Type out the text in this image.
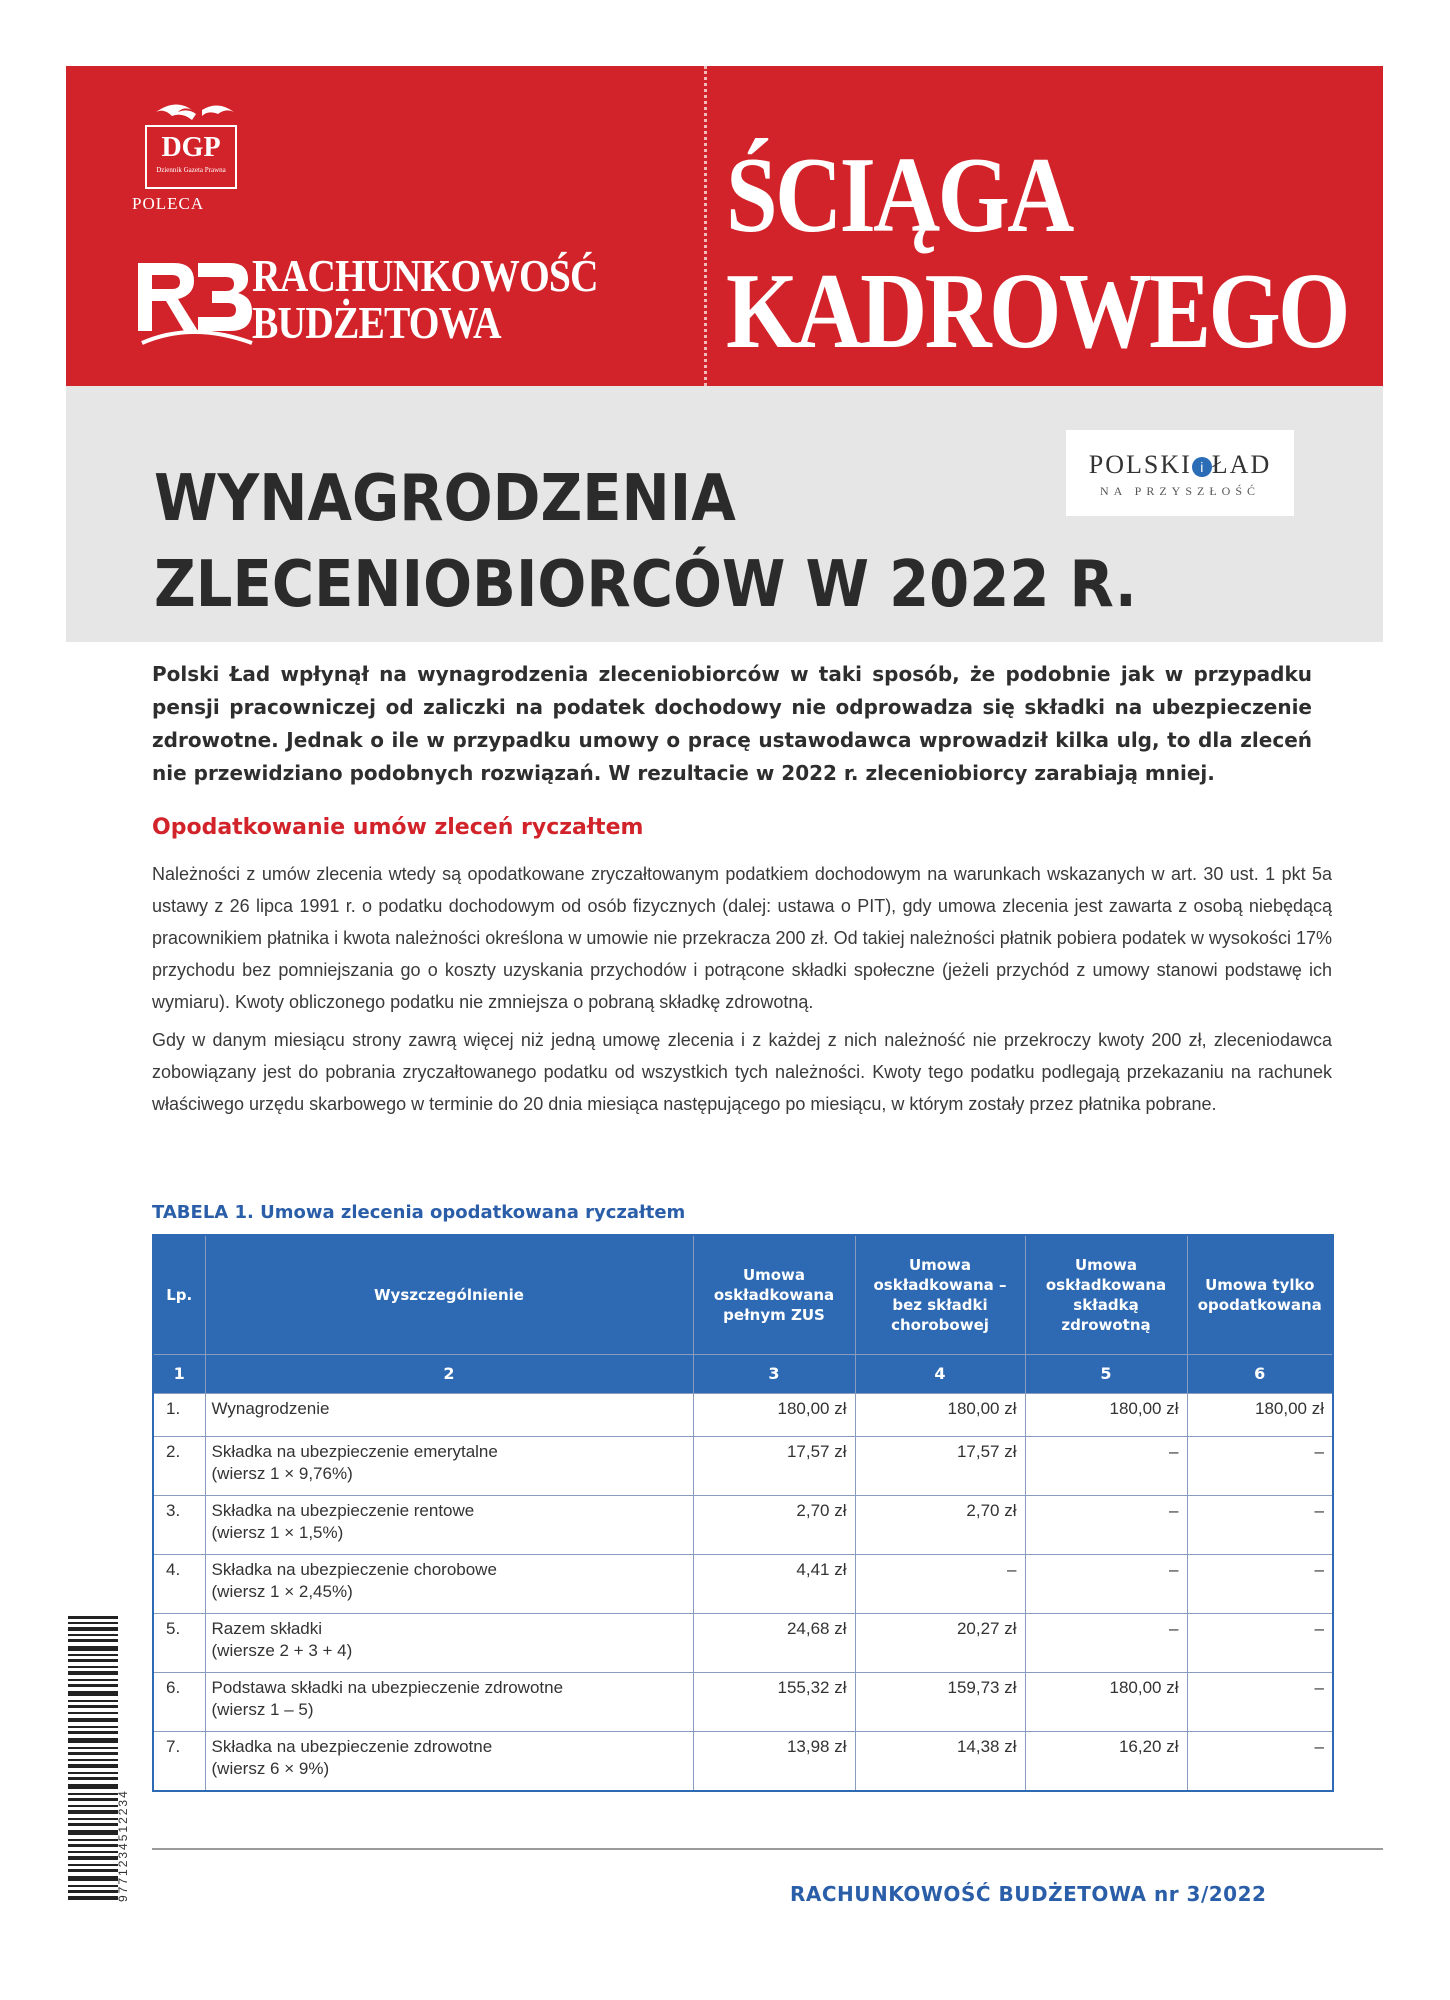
DGP
Dziennik Gazeta Prawna
POLECA
RACHUNKOWOŚĆ
BUDŻETOWA
ŚCIĄGA
KADROWEGO
WYNAGRODZENIA
ZLECENIOBIORCÓW W 2022 R.
POLSKI i ŁAD
NA PRZYSZŁOŚĆ
Polski Ład wpłynął na wynagrodzenia zleceniobiorców w taki sposób, że podobnie jak w przypadku pensji pracowniczej od zaliczki na podatek dochodowy nie odprowadza się składki na ubezpieczenie zdrowotne. Jednak o ile w przypadku umowy o pracę ustawodawca wprowadził kilka ulg, to dla zleceń nie przewidziano podobnych rozwiązań. W rezultacie w 2022 r. zleceniobiorcy zarabiają mniej.
Opodatkowanie umów zleceń ryczałtem

Należności z umów zlecenia wtedy są opodatkowane zryczałtowanym podatkiem dochodowym na warunkach wskazanych w art. 30 ust. 1 pkt 5a ustawy z 26 lipca 1991 r. o podatku dochodowym od osób fizycznych (dalej: ustawa o PIT), gdy umowa zlecenia jest zawarta z osobą niebędącą pracownikiem płatnika i kwota należności określona w umowie nie przekracza 200 zł. Od takiej należności płatnik pobiera podatek w wysokości 17% przychodu bez pomniejszania go o koszty uzyskania przychodów i potrącone składki społeczne (jeżeli przychód z umowy stanowi podstawę ich wymiaru). Kwoty obliczonego podatku nie zmniejsza o pobraną składkę zdrowotną.

Gdy w danym miesiącu strony zawrą więcej niż jedną umowę zlecenia i z każdej z nich należność nie przekroczy kwoty 200 zł, zleceniodawca zobowiązany jest do pobrania zryczałtowanego podatku od wszystkich tych należności. Kwoty tego podatku podlegają przekazaniu na rachunek właściwego urzędu skarbowego w terminie do 20 dnia miesiąca następującego po miesiącu, w którym zostały przez płatnika pobrane.

TABELA 1. Umowa zlecenia opodatkowana ryczałtem
Lp.	Wyszczególnienie	Umowa oskładkowana pełnym ZUS	Umowa oskładkowana – bez składki chorobowej	Umowa oskładkowana składką zdrowotną	Umowa tylko opodatkowana
1	2	3	4	5	6
1.	Wynagrodzenie	180,00 zł	180,00 zł	180,00 zł	180,00 zł
2.	Składka na ubezpieczenie emerytalne
(wiersz 1 × 9,76%)	17,57 zł	17,57 zł	–	–
3.	Składka na ubezpieczenie rentowe
(wiersz 1 × 1,5%)	2,70 zł	2,70 zł	–	–
4.	Składka na ubezpieczenie chorobowe
(wiersz 1 × 2,45%)	4,41 zł	–	–	–
5.	Razem składki
(wiersze 2 + 3 + 4)	24,68 zł	20,27 zł	–	–
6.	Podstawa składki na ubezpieczenie zdrowotne
(wiersz 1 – 5)	155,32 zł	159,73 zł	180,00 zł	–
7.	Składka na ubezpieczenie zdrowotne
(wiersz 6 × 9%)	13,98 zł	14,38 zł	16,20 zł	–
9771234512234	RACHUNKOWOŚĆ BUDŻETOWA nr 3/2022
